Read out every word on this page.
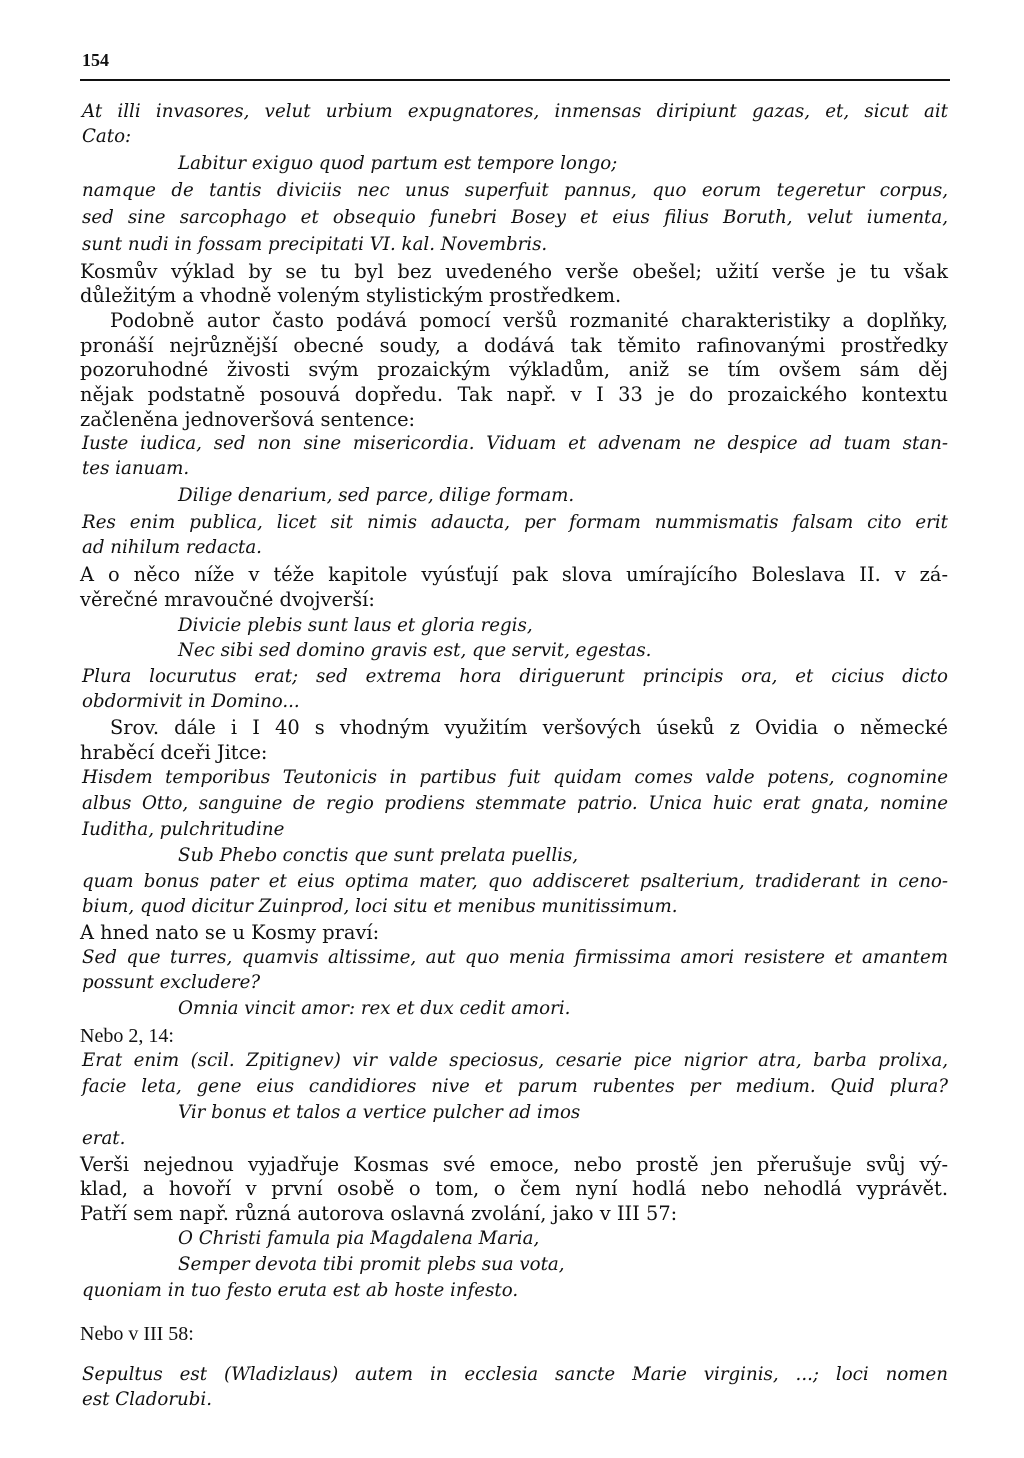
154
At illi invasores, velut urbium expugnatores, inmensas diripiunt gazas, et, sicut ait
Cato:
Labitur exiguo quod partum est tempore longo;
namque de tantis diviciis nec unus superfuit pannus, quo eorum tegeretur corpus,
sed sine sarcophago et obsequio funebri Bosey et eius filius Boruth, velut iumenta,
sunt nudi in fossam precipitati VI. kal. Novembris.
Kosmův výklad by se tu byl bez uvedeného verše obešel; užití verše je tu však
důležitým a vhodně voleným stylistickým prostředkem.
Podobně autor často podává pomocí veršů rozmanité charakteristiky a doplňky,
pronáší nejrůznější obecné soudy, a dodává tak těmito rafinovanými prostředky
pozoruhodné živosti svým prozaickým výkladům, aniž se tím ovšem sám děj
nějak podstatně posouvá dopředu. Tak např. v I 33 je do prozaického kontextu
začleněna jednoveršová sentence:
Iuste iudica, sed non sine misericordia. Viduam et advenam ne despice ad tuam stan-
tes ianuam.
Dilige denarium, sed parce, dilige formam.
Res enim publica, licet sit nimis adaucta, per formam nummismatis falsam cito erit
ad nihilum redacta.
A o něco níže v téže kapitole vyúsťují pak slova umírajícího Boleslava II. v zá-
věrečné mravoučné dvojverší:
Divicie plebis sunt laus et gloria regis,
Nec sibi sed domino gravis est, que servit, egestas.
Plura locurutus erat; sed extrema hora diriguerunt principis ora, et cicius dicto
obdormivit in Domino...
Srov. dále i I 40 s vhodným využitím veršových úseků z Ovidia o německé
hraběcí dceři Jitce:
Hisdem temporibus Teutonicis in partibus fuit quidam comes valde potens, cognomine
albus Otto, sanguine de regio prodiens stemmate patrio. Unica huic erat gnata, nomine
Iuditha, pulchritudine
Sub Phebo conctis que sunt prelata puellis,
quam bonus pater et eius optima mater, quo addisceret psalterium, tradiderant in ceno-
bium, quod dicitur Zuinprod, loci situ et menibus munitissimum.
A hned nato se u Kosmy praví:
Sed que turres, quamvis altissime, aut quo menia firmissima amori resistere et amantem
possunt excludere?
Omnia vincit amor: rex et dux cedit amori.
Nebo 2, 14:
Erat enim (scil. Zpitignev) vir valde speciosus, cesarie pice nigrior atra, barba prolixa,
facie leta, gene eius candidiores nive et parum rubentes per medium. Quid plura?
Vir bonus et talos a vertice pulcher ad imos
erat.
Verši nejednou vyjadřuje Kosmas své emoce, nebo prostě jen přerušuje svůj vý-
klad, a hovoří v první osobě o tom, o čem nyní hodlá nebo nehodlá vyprávět.
Patří sem např. různá autorova oslavná zvolání, jako v III 57:
O Christi famula pia Magdalena Maria,
Semper devota tibi promit plebs sua vota,
quoniam in tuo festo eruta est ab hoste infesto.
Nebo v III 58:
Sepultus est (Wladizlaus) autem in ecclesia sancte Marie virginis, ...; loci nomen
est Cladorubi.
